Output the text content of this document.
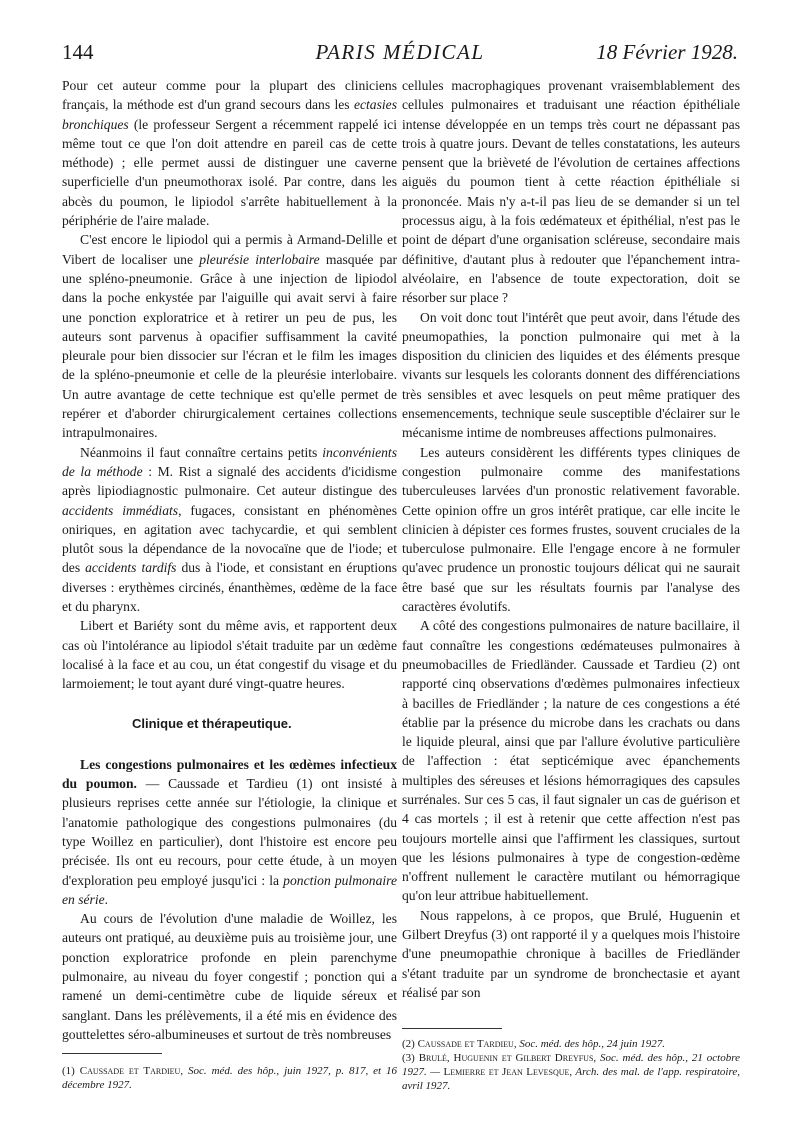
144	PARIS MÉDICAL	18 Février 1928.

Pour cet auteur comme pour la plupart des cliniciens français, la méthode est d'un grand secours dans les ectasies bronchiques (le professeur Sergent a récemment rappelé ici même tout ce que l'on doit attendre en pareil cas de cette méthode) ; elle permet aussi de distinguer une caverne superficielle d'un pneumothorax isolé. Par contre, dans les abcès du poumon, le lipiodol s'arrête habituellement à la périphérie de l'aire malade.

C'est encore le lipiodol qui a permis à Armand-Delille et Vibert de localiser une pleurésie interlobaire masquée par une spléno-pneumonie. Grâce à une injection de lipiodol dans la poche enkystée par l'aiguille qui avait servi à faire une ponction exploratrice et à retirer un peu de pus, les auteurs sont parvenus à opacifier suffisamment la cavité pleurale pour bien dissocier sur l'écran et le film les images de la spléno-pneumonie et celle de la pleurésie interlobaire. Un autre avantage de cette technique est qu'elle permet de repérer et d'aborder chirurgicalement certaines collections intrapulmonaires.

Néanmoins il faut connaître certains petits inconvénients de la méthode : M. Rist a signalé des accidents d'icidisme après lipiodiagnostic pulmonaire. Cet auteur distingue des accidents immédiats, fugaces, consistant en phénomènes oniriques, en agitation avec tachycardie, et qui semblent plutôt sous la dépendance de la novocaïne que de l'iode; et des accidents tardifs dus à l'iode, et consistant en éruptions diverses : erythèmes circinés, énanthèmes, œdème de la face et du pharynx.

Libert et Bariéty sont du même avis, et rapportent deux cas où l'intolérance au lipiodol s'était traduite par un œdème localisé à la face et au cou, un état congestif du visage et du larmoiement; le tout ayant duré vingt-quatre heures.

Clinique et thérapeutique.

Les congestions pulmonaires et les œdèmes infectieux du poumon. — Caussade et Tardieu (1) ont insisté à plusieurs reprises cette année sur l'étiologie, la clinique et l'anatomie pathologique des congestions pulmonaires (du type Woillez en particulier), dont l'histoire est encore peu précisée. Ils ont eu recours, pour cette étude, à un moyen d'exploration peu employé jusqu'ici : la ponction pulmonaire en série.

Au cours de l'évolution d'une maladie de Woillez, les auteurs ont pratiqué, au deuxième puis au troisième jour, une ponction exploratrice profonde en plein parenchyme pulmonaire, au niveau du foyer congestif ; ponction qui a ramené un demi-centimètre cube de liquide séreux et sanglant. Dans les prélèvements, il a été mis en évidence des gouttelettes séro-albumineuses et surtout de très nombreuses

cellules macrophagiques provenant vraisemblablement des cellules pulmonaires et traduisant une réaction épithéliale intense développée en un temps très court ne dépassant pas trois à quatre jours. Devant de telles constatations, les auteurs pensent que la brièveté de l'évolution de certaines affections aiguës du poumon tient à cette réaction épithéliale si prononcée. Mais n'y a-t-il pas lieu de se demander si un tel processus aigu, à la fois œdémateux et épithélial, n'est pas le point de départ d'une organisation scléreuse, secondaire mais définitive, d'autant plus à redouter que l'épanchement intra-alvéolaire, en l'absence de toute expectoration, doit se résorber sur place ?

On voit donc tout l'intérêt que peut avoir, dans l'étude des pneumopathies, la ponction pulmonaire qui met à la disposition du clinicien des liquides et des éléments presque vivants sur lesquels les colorants donnent des différenciations très sensibles et avec lesquels on peut même pratiquer des ensemencements, technique seule susceptible d'éclairer sur le mécanisme intime de nombreuses affections pulmonaires.

Les auteurs considèrent les différents types cliniques de congestion pulmonaire comme des manifestations tuberculeuses larvées d'un pronostic relativement favorable. Cette opinion offre un gros intérêt pratique, car elle incite le clinicien à dépister ces formes frustes, souvent cruciales de la tuberculose pulmonaire. Elle l'engage encore à ne formuler qu'avec prudence un pronostic toujours délicat qui ne saurait être basé que sur les résultats fournis par l'analyse des caractères évolutifs.

A côté des congestions pulmonaires de nature bacillaire, il faut connaître les congestions œdémateuses pulmonaires à pneumobacilles de Friedländer. Caussade et Tardieu (2) ont rapporté cinq observations d'œdèmes pulmonaires infectieux à bacilles de Friedländer ; la nature de ces congestions a été établie par la présence du microbe dans les crachats ou dans le liquide pleural, ainsi que par l'allure évolutive particulière de l'affection : état septicémique avec épanchements multiples des séreuses et lésions hémorragiques des capsules surrénales. Sur ces 5 cas, il faut signaler un cas de guérison et 4 cas mortels ; il est à retenir que cette affection n'est pas toujours mortelle ainsi que l'affirment les classiques, surtout que les lésions pulmonaires à type de congestion-œdème n'offrent nullement le caractère mutilant ou hémorragique qu'on leur attribue habituellement.

Nous rappelons, à ce propos, que Brulé, Huguenin et Gilbert Dreyfus (3) ont rapporté il y a quelques mois l'histoire d'une pneumopathie chronique à bacilles de Friedländer s'étant traduite par un syndrome de bronchectasie et ayant réalisé par son

(1) Caussade et Tardieu, Soc. méd. des hôp., juin 1927, p. 817, et 16 décembre 1927.
(2) Caussade et Tardieu, Soc. méd. des hôp., 24 juin 1927.
(3) Brulé, Huguenin et Gilbert Dreyfus, Soc. méd. des hôp., 21 octobre 1927. — Lemierre et Jean Levesque, Arch. des mal. de l'app. respiratoire, avril 1927.
